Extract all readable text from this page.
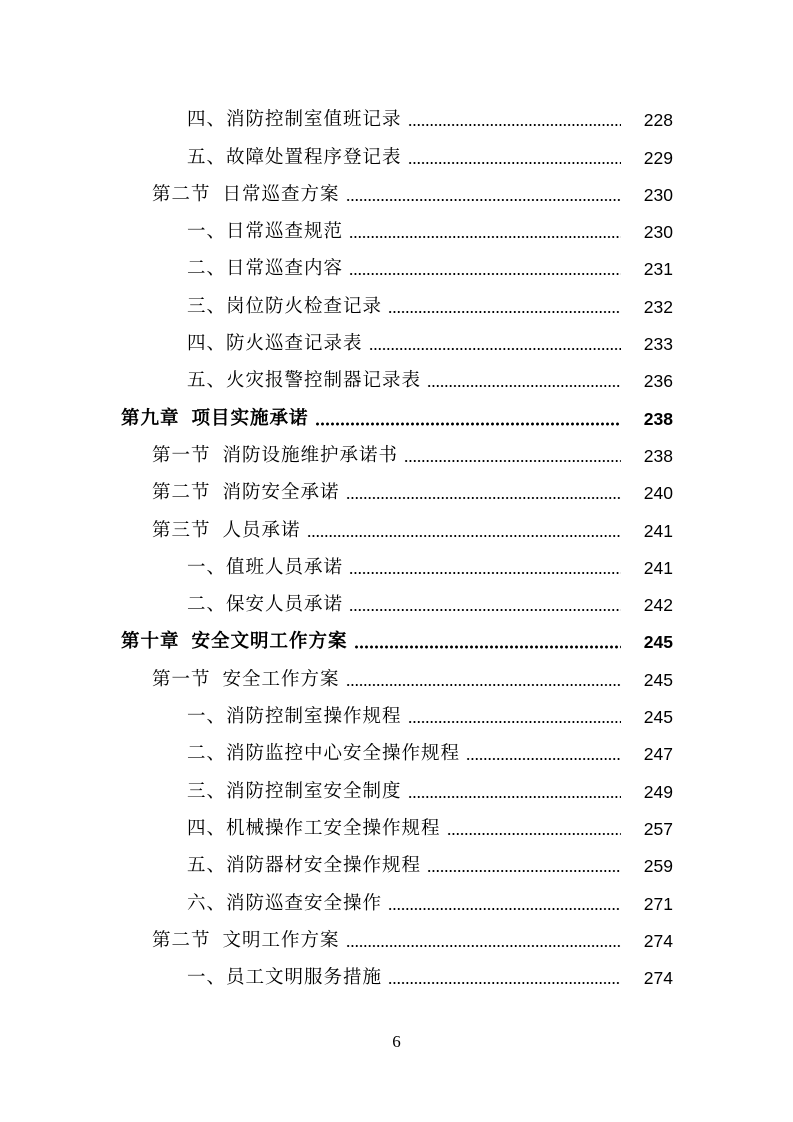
四、消防控制室值班记录	228
五、故障处置程序登记表	229
第二节 日常巡查方案	230
一、日常巡查规范	230
二、日常巡查内容	231
三、岗位防火检查记录	232
四、防火巡查记录表	233
五、火灾报警控制器记录表	236
第九章 项目实施承诺	238
第一节 消防设施维护承诺书	238
第二节 消防安全承诺	240
第三节 人员承诺	241
一、值班人员承诺	241
二、保安人员承诺	242
第十章 安全文明工作方案	245
第一节 安全工作方案	245
一、消防控制室操作规程	245
二、消防监控中心安全操作规程	247
三、消防控制室安全制度	249
四、机械操作工安全操作规程	257
五、消防器材安全操作规程	259
六、消防巡查安全操作	271
第二节 文明工作方案	274
一、员工文明服务措施	274
6
